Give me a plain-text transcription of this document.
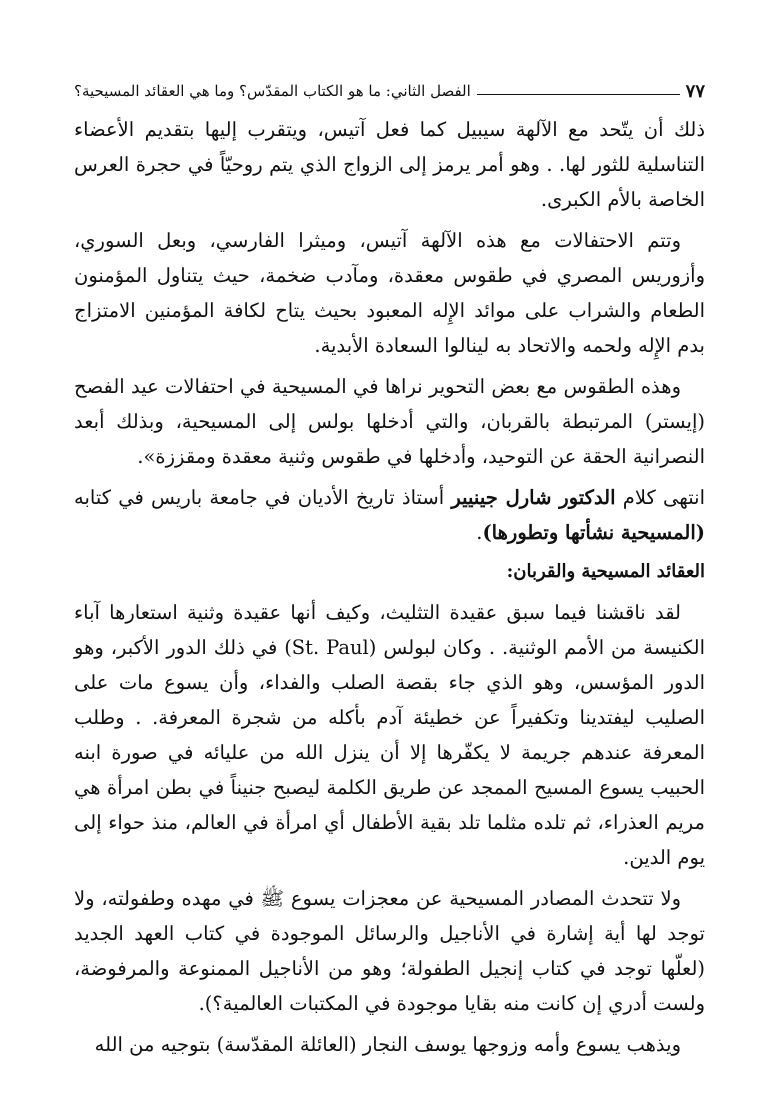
الفصل الثاني: ما هو الكتاب المقدّس؟ وما هي العقائد المسيحية؟	٧٧

ذلك أن يتّحد مع الآلهة سيبيل كما فعل آتيس، ويتقرب إليها بتقديم الأعضاء التناسلية للثور لها. . وهو أمر يرمز إلى الزواج الذي يتم روحيّاً في حجرة العرس الخاصة بالأم الكبرى.

وتتم الاحتفالات مع هذه الآلهة آتيس، وميثرا الفارسي، وبعل السوري، وأزوريس المصري في طقوس معقدة، ومآدب ضخمة، حيث يتناول المؤمنون الطعام والشراب على موائد الإِله المعبود بحيث يتاح لكافة المؤمنين الامتزاج بدم الإِله ولحمه والاتحاد به لينالوا السعادة الأبدية.

وهذه الطقوس مع بعض التحوير نراها في المسيحية في احتفالات عيد الفصح (إيستر) المرتبطة بالقربان، والتي أدخلها بولس إلى المسيحية، وبذلك أبعد النصرانية الحقة عن التوحيد، وأدخلها في طقوس وثنية معقدة ومقززة».

انتهى كلام الدكتور شارل جينيير أستاذ تاريخ الأديان في جامعة باريس في كتابه (المسيحية نشأتها وتطورها).

العقائد المسيحية والقربان:

لقد ناقشنا فيما سبق عقيدة التثليث، وكيف أنها عقيدة وثنية استعارها آباء الكنيسة من الأمم الوثنية. . وكان لبولس (St. Paul) في ذلك الدور الأكبر، وهو الدور المؤسس، وهو الذي جاء بقصة الصلب والفداء، وأن يسوع مات على الصليب ليفتدينا وتكفيراً عن خطيئة آدم بأكله من شجرة المعرفة. . وطلب المعرفة عندهم جريمة لا يكفّرها إلا أن ينزل الله من عليائه في صورة ابنه الحبيب يسوع المسيح الممجد عن طريق الكلمة ليصبح جنيناً في بطن امرأة هي مريم العذراء، ثم تلده مثلما تلد بقية الأطفال أي امرأة في العالم، منذ حواء إلى يوم الدين.

ولا تتحدث المصادر المسيحية عن معجزات يسوع ﷺ في مهده وطفولته، ولا توجد لها أية إشارة في الأناجيل والرسائل الموجودة في كتاب العهد الجديد (لعلّها توجد في كتاب إنجيل الطفولة؛ وهو من الأناجيل الممنوعة والمرفوضة، ولست أدري إن كانت منه بقايا موجودة في المكتبات العالمية؟).

ويذهب يسوع وأمه وزوجها يوسف النجار (العائلة المقدّسة) بتوجيه من الله
